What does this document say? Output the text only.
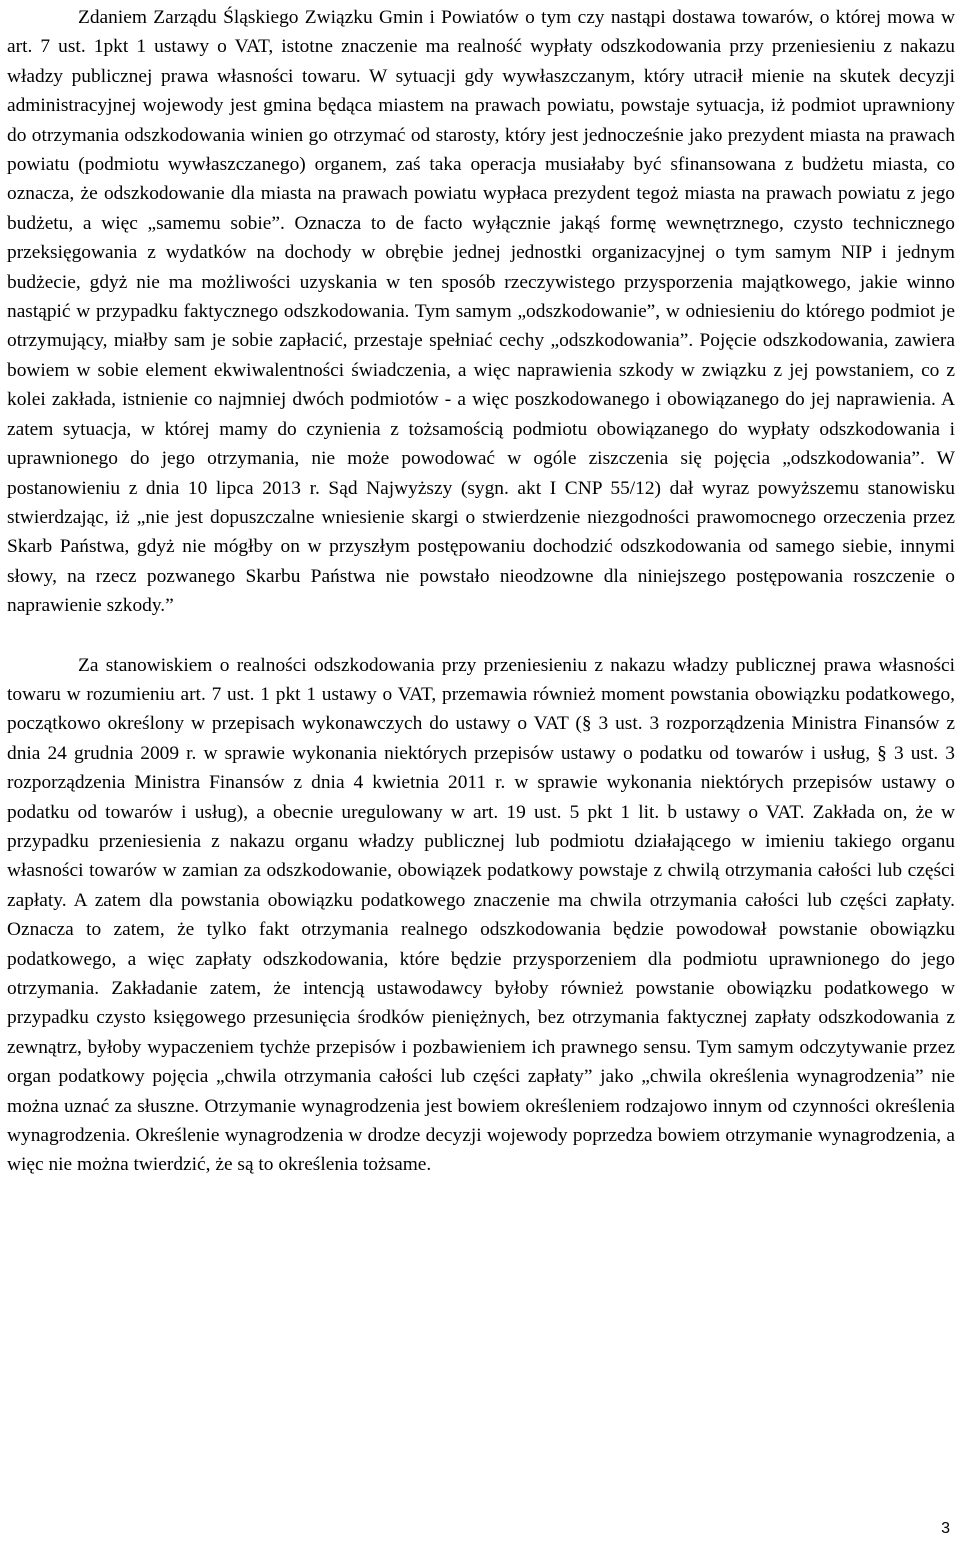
Zdaniem Zarządu Śląskiego Związku Gmin i Powiatów o tym czy nastąpi dostawa towarów, o której mowa w art. 7 ust. 1pkt 1 ustawy o VAT, istotne znaczenie ma realność wypłaty odszkodowania przy przeniesieniu z nakazu władzy publicznej prawa własności towaru. W sytuacji gdy wywłaszczanym, który utracił mienie na skutek decyzji administracyjnej wojewody jest gmina będąca miastem na prawach powiatu, powstaje sytuacja, iż podmiot uprawniony do otrzymania odszkodowania winien go otrzymać od starosty, który jest jednocześnie jako prezydent miasta na prawach powiatu (podmiotu wywłaszczanego) organem, zaś taka operacja musiałaby być sfinansowana z budżetu miasta, co oznacza, że odszkodowanie dla miasta na prawach powiatu wypłaca prezydent tegoż miasta na prawach powiatu z jego budżetu, a więc „samemu sobie”. Oznacza to de facto wyłącznie jakąś formę wewnętrznego, czysto technicznego przeksięgowania z wydatków na dochody w obrębie jednej jednostki organizacyjnej o tym samym NIP i jednym budżecie, gdyż nie ma możliwości uzyskania w ten sposób rzeczywistego przysporzenia majątkowego, jakie winno nastąpić w przypadku faktycznego odszkodowania. Tym samym „odszkodowanie”, w odniesieniu do którego podmiot je otrzymujący, miałby sam je sobie zapłacić, przestaje spełniać cechy „odszkodowania”. Pojęcie odszkodowania, zawiera bowiem w sobie element ekwiwalentności świadczenia, a więc naprawienia szkody w związku z jej powstaniem, co z kolei zakłada, istnienie co najmniej dwóch podmiotów - a więc poszkodowanego i obowiązanego do jej naprawienia. A zatem sytuacja, w której mamy do czynienia z tożsamością podmiotu obowiązanego do wypłaty odszkodowania i uprawnionego do jego otrzymania, nie może powodować w ogóle ziszczenia się pojęcia „odszkodowania”. W postanowieniu z dnia 10 lipca 2013 r. Sąd Najwyższy (sygn. akt I CNP 55/12) dał wyraz powyższemu stanowisku stwierdzając, iż „nie jest dopuszczalne wniesienie skargi o stwierdzenie niezgodności prawomocnego orzeczenia przez Skarb Państwa, gdyż nie mógłby on w przyszłym postępowaniu dochodzić odszkodowania od samego siebie, innymi słowy, na rzecz pozwanego Skarbu Państwa nie powstało nieodzowne dla niniejszego postępowania roszczenie o naprawienie szkody.”

Za stanowiskiem o realności odszkodowania przy przeniesieniu z nakazu władzy publicznej prawa własności towaru w rozumieniu art. 7 ust. 1 pkt 1 ustawy o VAT, przemawia również moment powstania obowiązku podatkowego, początkowo określony w przepisach wykonawczych do ustawy o VAT (§ 3 ust. 3 rozporządzenia Ministra Finansów z dnia 24 grudnia 2009 r. w sprawie wykonania niektórych przepisów ustawy o podatku od towarów i usług, § 3 ust. 3 rozporządzenia Ministra Finansów z dnia 4 kwietnia 2011 r. w sprawie wykonania niektórych przepisów ustawy o podatku od towarów i usług), a obecnie uregulowany w art. 19 ust. 5 pkt 1 lit. b ustawy o VAT. Zakłada on, że w przypadku przeniesienia z nakazu organu władzy publicznej lub podmiotu działającego w imieniu takiego organu własności towarów w zamian za odszkodowanie, obowiązek podatkowy powstaje z chwilą otrzymania całości lub części zapłaty. A zatem dla powstania obowiązku podatkowego znaczenie ma chwila otrzymania całości lub części zapłaty. Oznacza to zatem, że tylko fakt otrzymania realnego odszkodowania będzie powodował powstanie obowiązku podatkowego, a więc zapłaty odszkodowania, które będzie przysporzeniem dla podmiotu uprawnionego do jego otrzymania. Zakładanie zatem, że intencją ustawodawcy byłoby również powstanie obowiązku podatkowego w przypadku czysto księgowego przesunięcia środków pieniężnych, bez otrzymania faktycznej zapłaty odszkodowania z zewnątrz, byłoby wypaczeniem tychże przepisów i pozbawieniem ich prawnego sensu. Tym samym odczytywanie przez organ podatkowy pojęcia „chwila otrzymania całości lub części zapłaty” jako „chwila określenia wynagrodzenia” nie można uznać za słuszne. Otrzymanie wynagrodzenia jest bowiem określeniem rodzajowo innym od czynności określenia wynagrodzenia. Określenie wynagrodzenia w drodze decyzji wojewody poprzedza bowiem otrzymanie wynagrodzenia, a więc nie można twierdzić, że są to określenia tożsame.

3
